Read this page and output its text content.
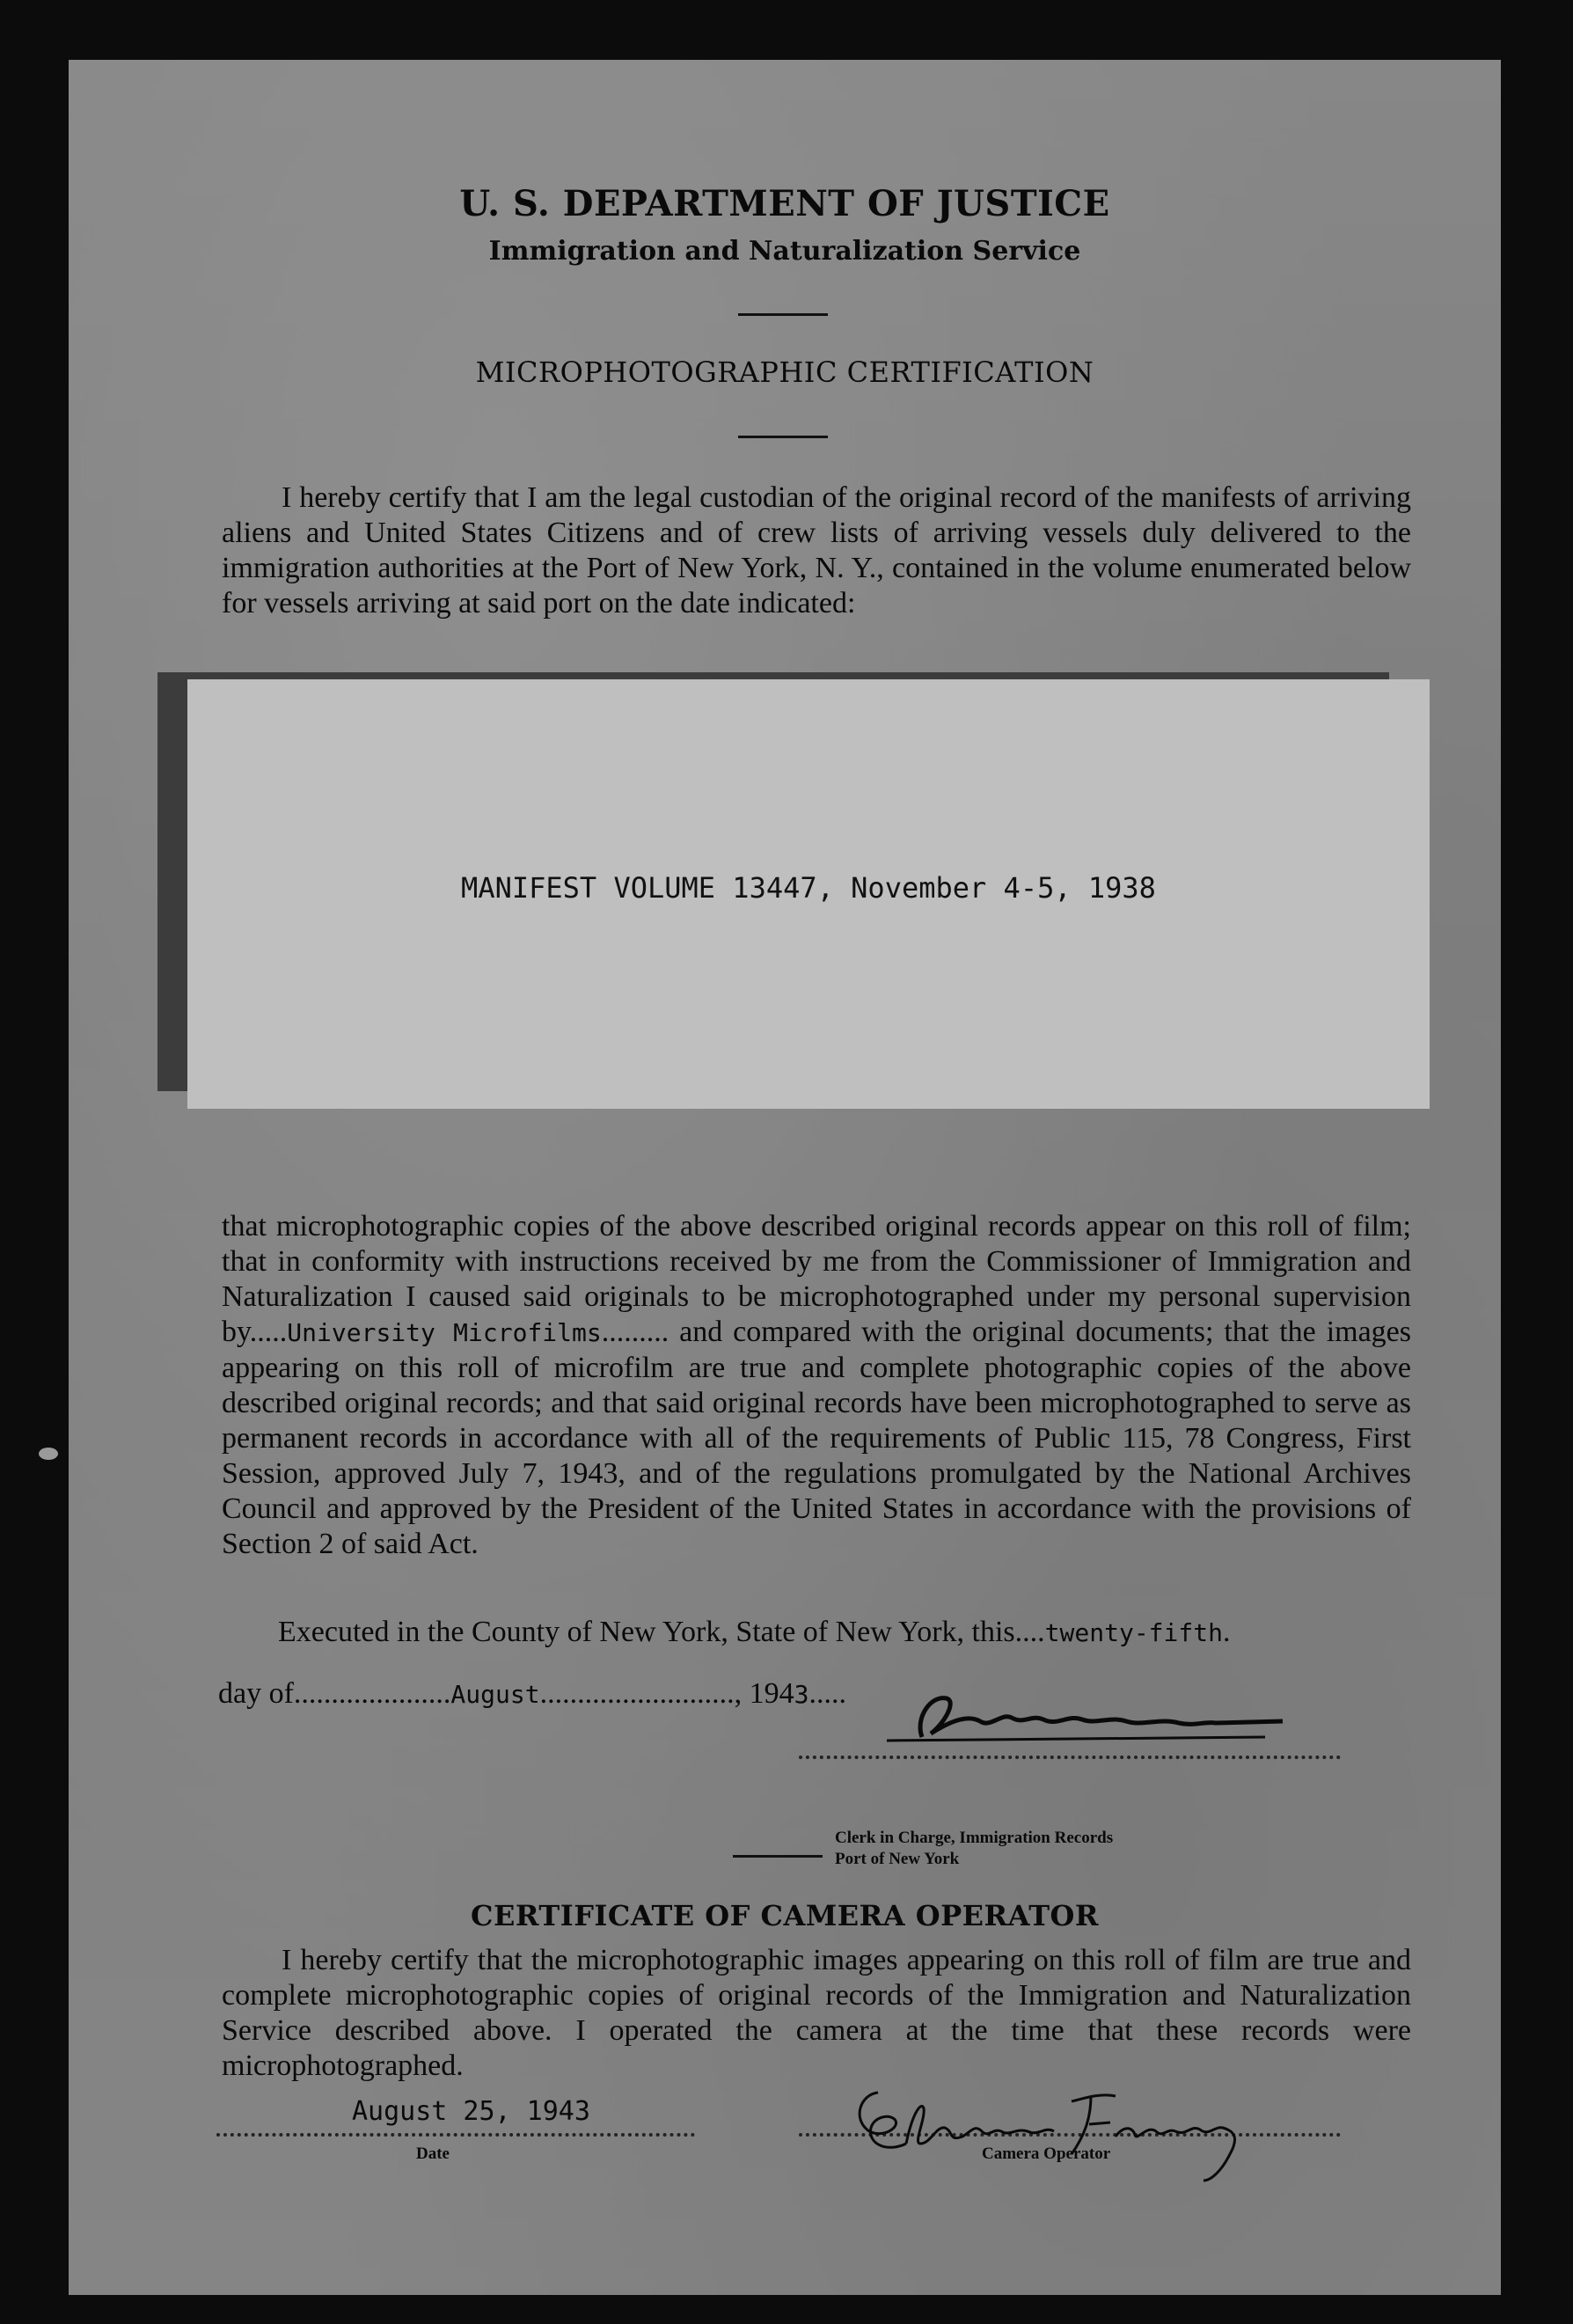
U. S. DEPARTMENT OF JUSTICE
Immigration and Naturalization Service
MICROPHOTOGRAPHIC CERTIFICATION

I hereby certify that I am the legal custodian of the original record of the manifests of arriving aliens and United States Citizens and of crew lists of arriving vessels duly delivered to the immigration authorities at the Port of New York, N. Y., contained in the volume enumerated below for vessels arriving at said port on the date indicated:

MANIFEST VOLUME 13447, November 4-5, 1938

that microphotographic copies of the above described original records appear on this roll of film; that in conformity with instructions received by me from the Commissioner of Immigration and Naturalization I caused said originals to be microphotographed under my personal supervision by.....University Microfilms......... and compared with the original documents; that the images appearing on this roll of microfilm are true and complete photographic copies of the above described original records; and that said original records have been microphotographed to serve as permanent records in accordance with all of the requirements of Public 115, 78 Congress, First Session, approved July 7, 1943, and of the regulations promulgated by the National Archives Council and approved by the President of the United States in accordance with the provisions of Section 2 of said Act.

Executed in the County of New York, State of New York, this....twenty-fifth.
day of.....................August.........................., 1943.....
Clerk in Charge, Immigration Records
Port of New York
CERTIFICATE OF CAMERA OPERATOR

I hereby certify that the microphotographic images appearing on this roll of film are true and complete microphotographic copies of original records of the Immigration and Naturalization Service described above. I operated the camera at the time that these records were microphotographed.

August 25, 1943
Date	Camera Operator
